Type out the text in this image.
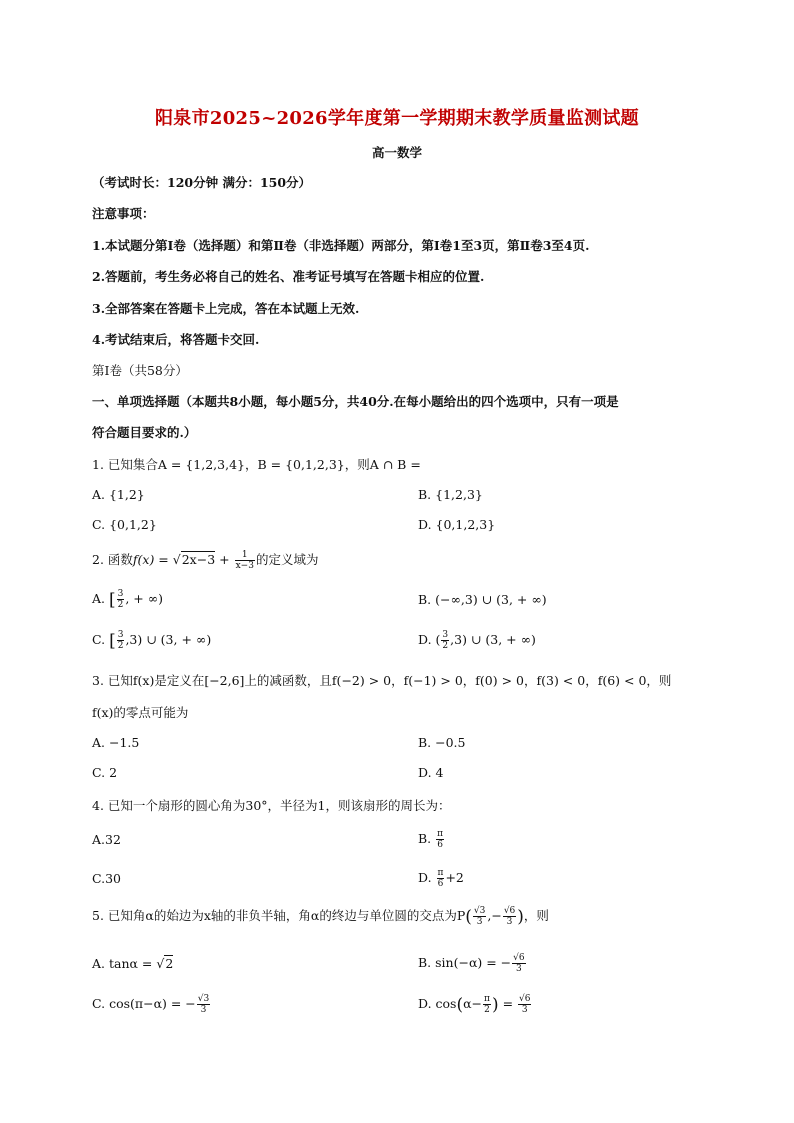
阳泉市2025~2026学年度第一学期期末教学质量监测试题
高一数学
（考试时长：120分钟 满分：150分）
注意事项：
1.本试题分第Ⅰ卷（选择题）和第Ⅱ卷（非选择题）两部分，第Ⅰ卷1至3页，第Ⅱ卷3至4页.
2.答题前，考生务必将自己的姓名、准考证号填写在答题卡相应的位置.
3.全部答案在答题卡上完成，答在本试题上无效.
4.考试结束后，将答题卡交回.
第Ⅰ卷（共58分）
一、单项选择题（本题共8小题，每小题5分，共40分.在每小题给出的四个选项中，只有一项是
符合题目要求的.）
1. 已知集合A = {1,2,3,4}，B = {0,1,2,3}，则A ∩ B =
A. {1,2}	B. {1,2,3}
C. {0,1,2}	D. {0,1,2,3}
2. 函数$f(x) = √2x-3 + \frac{1}{x-3}$ 的定义域为
A. [ $\frac{3}{2}$ , + ∞)	B. (−∞,3) ∪ (3, + ∞)
C. [ $\frac{3}{2} ,3$) ∪ (3, + ∞)	D. ( $\frac{3}{2} ,3$) ∪ (3, + ∞)
3. 已知f(x)是定义在[−2,6]上的减函数，且f(−2) > 0，f(−1) > 0，f(0) > 0，f(3) < 0，f(6) < 0，则
f(x)的零点可能为
A. −1.5	B. −0.5
C. 2	D. 4
4. 已知一个扇形的圆心角为30°，半径为1，则该扇形的周长为：
A.32	B. $\frac{\pi}{6}$
C.30	D. $\frac{\pi}{6} +2$
5. 已知角α的始边为x轴的非负半轴，角α的终边与单位圆的交点为$P( \frac{√3}{3}$ ,− $\frac{√6}{3}$ )，则
A. tanα = √2	B. sin(−α) = − $\frac{√6}{3}$
C. cos(π−α) = − $\frac{√3}{3}$	D. $\cos(\alpha- \frac{\pi}{2}$ ) = $\frac{√6}{3}$
